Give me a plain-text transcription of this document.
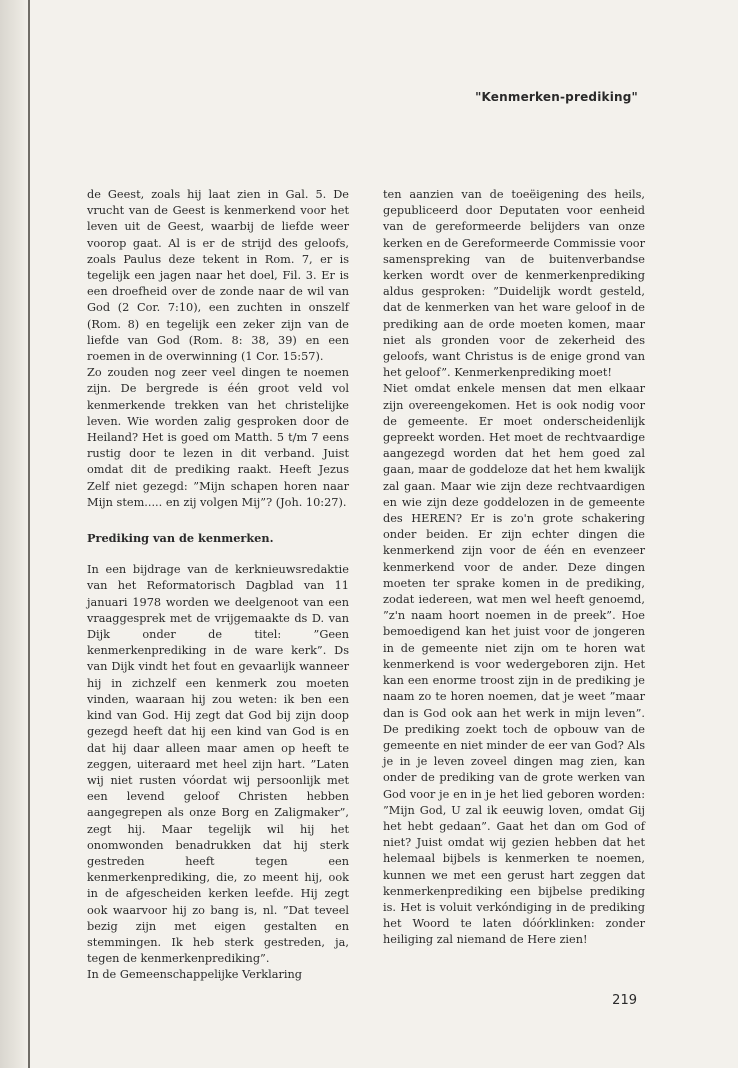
"Kenmerken-prediking"

de Geest, zoals hij laat zien in Gal. 5. De vrucht van de Geest is kenmerkend voor het leven uit de Geest, waarbij de liefde weer voorop gaat. Al is er de strijd des geloofs, zoals Paulus deze tekent in Rom. 7, er is tegelijk een jagen naar het doel, Fil. 3. Er is een droefheid over de zonde naar de wil van God (2 Cor. 7:10), een zuchten in onszelf (Rom. 8) en tegelijk een zeker zijn van de liefde van God (Rom. 8: 38, 39) en een roemen in de overwinning (1 Cor. 15:57).

Zo zouden nog zeer veel dingen te noemen zijn. De bergrede is één groot veld vol kenmerkende trekken van het christelijke leven. Wie worden zalig gesproken door de Heiland? Het is goed om Matth. 5 t/m 7 eens rustig door te lezen in dit verband. Juist omdat dit de prediking raakt. Heeft Jezus Zelf niet gezegd: ”Mijn schapen horen naar Mijn stem..... en zij volgen Mij”? (Joh. 10:27).

Prediking van de kenmerken.

In een bijdrage van de kerknieuwsredaktie van het Reformatorisch Dagblad van 11 januari 1978 worden we deelgenoot van een vraaggesprek met de vrijgemaakte ds D. van Dijk onder de titel: ”Geen kenmerkenprediking in de ware kerk”. Ds van Dijk vindt het fout en gevaarlijk wanneer hij in zichzelf een kenmerk zou moeten vinden, waaraan hij zou weten: ik ben een kind van God. Hij zegt dat God bij zijn doop gezegd heeft dat hij een kind van God is en dat hij daar alleen maar amen op heeft te zeggen, uiteraard met heel zijn hart. ”Laten wij niet rusten vóordat wij persoonlijk met een levend geloof Christen hebben aangegrepen als onze Borg en Zaligmaker”, zegt hij. Maar tegelijk wil hij het onomwonden benadrukken dat hij sterk gestreden heeft tegen een kenmerkenprediking, die, zo meent hij, ook in de afgescheiden kerken leefde. Hij zegt ook waarvoor hij zo bang is, nl. ”Dat teveel bezig zijn met eigen gestalten en stemmingen. Ik heb sterk gestreden, ja, tegen de kenmerkenprediking”.

In de Gemeenschappelijke Verklaring

ten aanzien van de toeëigening des heils, gepubliceerd door Deputaten voor eenheid van de gereformeerde belijders van onze kerken en de Gereformeerde Commissie voor samenspreking van de buitenverbandse kerken wordt over de kenmerkenprediking aldus gesproken: ”Duidelijk wordt gesteld, dat de kenmerken van het ware geloof in de prediking aan de orde moeten komen, maar niet als gronden voor de zekerheid des geloofs, want Christus is de enige grond van het geloof”. Kenmerkenprediking moet!

Niet omdat enkele mensen dat men elkaar zijn overeengekomen. Het is ook nodig voor de gemeente. Er moet onderscheidenlijk gepreekt worden. Het moet de rechtvaardige aangezegd worden dat het hem goed zal gaan, maar de goddeloze dat het hem kwalijk zal gaan. Maar wie zijn deze rechtvaardigen en wie zijn deze goddelozen in de gemeente des HEREN? Er is zo'n grote schakering onder beiden. Er zijn echter dingen die kenmerkend zijn voor de één en evenzeer kenmerkend voor de ander. Deze dingen moeten ter sprake komen in de prediking, zodat iedereen, wat men wel heeft genoemd, ”z'n naam hoort noemen in de preek”. Hoe bemoedigend kan het juist voor de jongeren in de gemeente niet zijn om te horen wat kenmerkend is voor wedergeboren zijn. Het kan een enorme troost zijn in de prediking je naam zo te horen noemen, dat je weet ”maar dan is God ook aan het werk in mijn leven”. De prediking zoekt toch de opbouw van de gemeente en niet minder de eer van God? Als je in je leven zoveel dingen mag zien, kan onder de prediking van de grote werken van God voor je en in je het lied geboren worden: ”Mijn God, U zal ik eeuwig loven, omdat Gij het hebt gedaan”. Gaat het dan om God of niet? Juist omdat wij gezien hebben dat het helemaal bijbels is kenmerken te noemen, kunnen we met een gerust hart zeggen dat kenmerkenprediking een bijbelse prediking is. Het is voluit verkóndiging in de prediking het Woord te laten dóórklinken: zonder heiliging zal niemand de Here zien!

219
